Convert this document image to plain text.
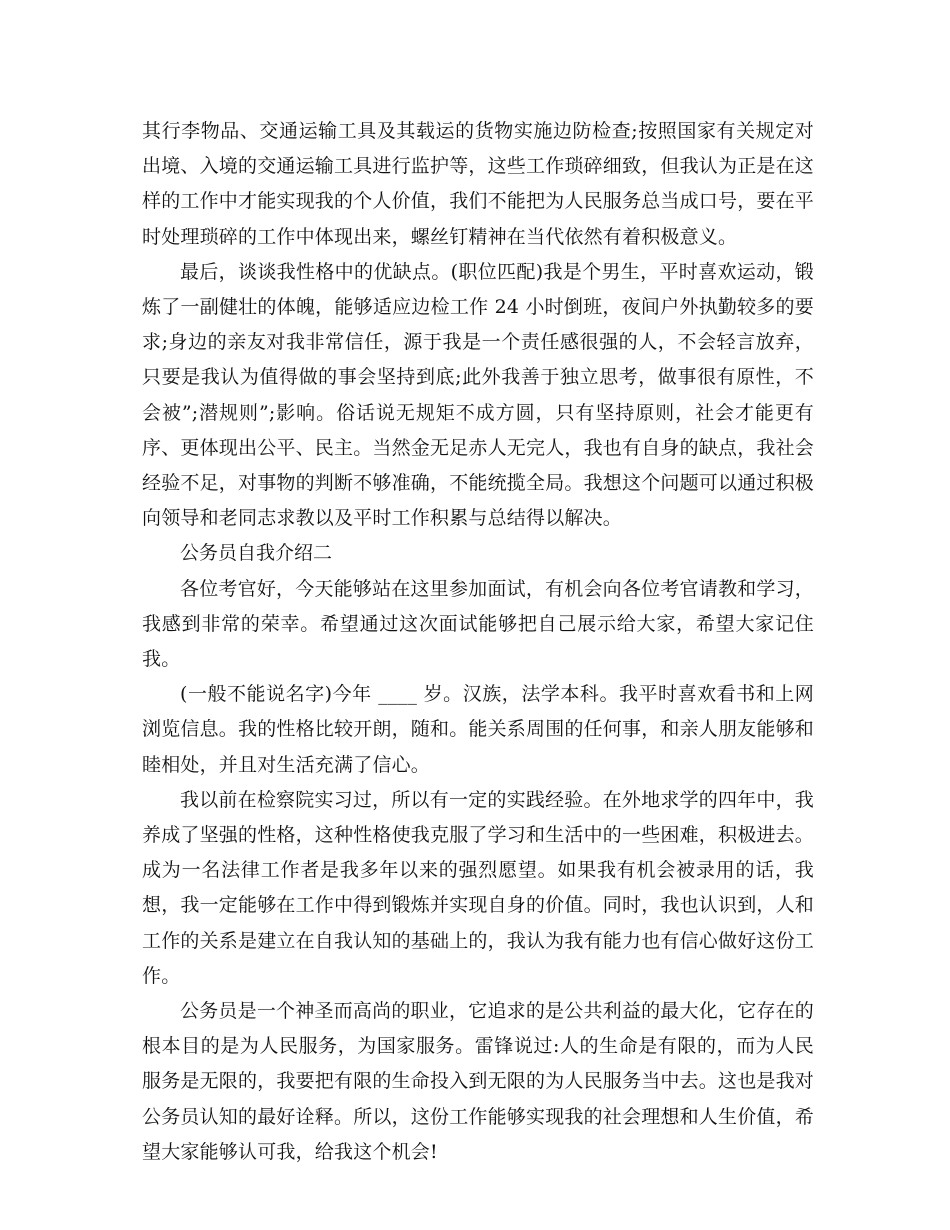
其行李物品、交通运输工具及其载运的货物实施边防检查;按照国家有关规定对出境、入境的交通运输工具进行监护等，这些工作琐碎细致，但我认为正是在这样的工作中才能实现我的个人价值，我们不能把为人民服务总当成口号，要在平时处理琐碎的工作中体现出来，螺丝钉精神在当代依然有着积极意义。

最后，谈谈我性格中的优缺点。(职位匹配)我是个男生，平时喜欢运动，锻炼了一副健壮的体魄，能够适应边检工作 24 小时倒班，夜间户外执勤较多的要求;身边的亲友对我非常信任，源于我是一个责任感很强的人，不会轻言放弃，只要是我认为值得做的事会坚持到底;此外我善于独立思考，做事很有原性，不会被”;潜规则”;影响。俗话说无规矩不成方圆，只有坚持原则，社会才能更有序、更体现出公平、民主。当然金无足赤人无完人，我也有自身的缺点，我社会经验不足，对事物的判断不够准确，不能统揽全局。我想这个问题可以通过积极向领导和老同志求教以及平时工作积累与总结得以解决。

公务员自我介绍二

各位考官好，今天能够站在这里参加面试，有机会向各位考官请教和学习，我感到非常的荣幸。希望通过这次面试能够把自己展示给大家，希望大家记住我。

(一般不能说名字)今年 ____ 岁。汉族，法学本科。我平时喜欢看书和上网浏览信息。我的性格比较开朗，随和。能关系周围的任何事，和亲人朋友能够和睦相处，并且对生活充满了信心。

我以前在检察院实习过，所以有一定的实践经验。在外地求学的四年中，我养成了坚强的性格，这种性格使我克服了学习和生活中的一些困难，积极进去。成为一名法律工作者是我多年以来的强烈愿望。如果我有机会被录用的话，我想，我一定能够在工作中得到锻炼并实现自身的价值。同时，我也认识到，人和工作的关系是建立在自我认知的基础上的，我认为我有能力也有信心做好这份工作。

公务员是一个神圣而高尚的职业，它追求的是公共利益的最大化，它存在的根本目的是为人民服务，为国家服务。雷锋说过:人的生命是有限的，而为人民服务是无限的，我要把有限的生命投入到无限的为人民服务当中去。这也是我对公务员认知的最好诠释。所以，这份工作能够实现我的社会理想和人生价值，希望大家能够认可我，给我这个机会!
